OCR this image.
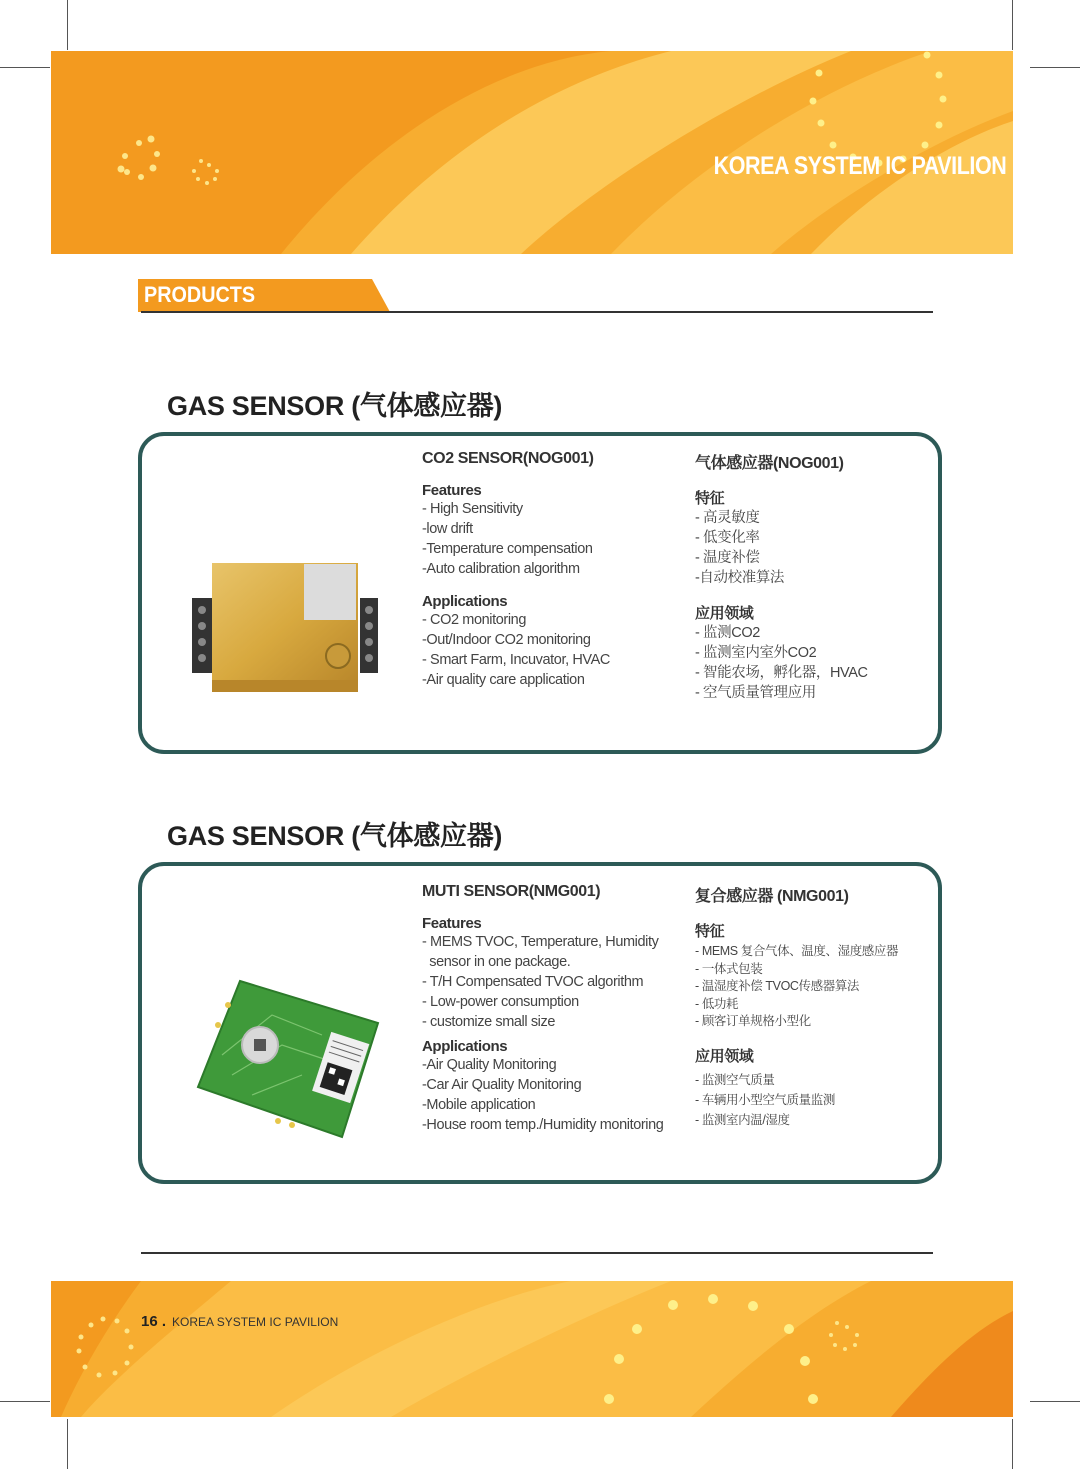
KOREA SYSTEM IC PAVILION
PRODUCTS
GAS SENSOR (气体感应器)
CO2 SENSOR(NOG001)
Features
- High Sensitivity
-low drift
-Temperature compensation
-Auto calibration algorithm
Applications
- CO2 monitoring
-Out/Indoor CO2 monitoring
- Smart Farm, Incuvator, HVAC
-Air quality care application
气体感应器(NOG001)
特征
- 高灵敏度
- 低变化率
- 温度补偿
-自动校准算法
应用领域
- 监测CO2
- 监测室内室外CO2
- 智能农场，孵化器，HVAC
- 空气质量管理应用
GAS SENSOR (气体感应器)
MUTI SENSOR(NMG001)
Features
- MEMS TVOC, Temperature, Humidity
sensor in one package.
- T/H Compensated TVOC algorithm
- Low-power consumption
- customize small size
Applications
-Air Quality Monitoring
-Car Air Quality Monitoring
-Mobile application
-House room temp./Humidity monitoring
复合感应器 (NMG001)
特征
- MEMS 复合气体、温度、湿度感应器
- 一体式包装
- 温湿度补偿 TVOC传感器算法
- 低功耗
- 顾客订单规格小型化
应用领域
- 监测空气质量
- 车辆用小型空气质量监测
- 监测室内温/湿度
16 . KOREA SYSTEM IC PAVILION
